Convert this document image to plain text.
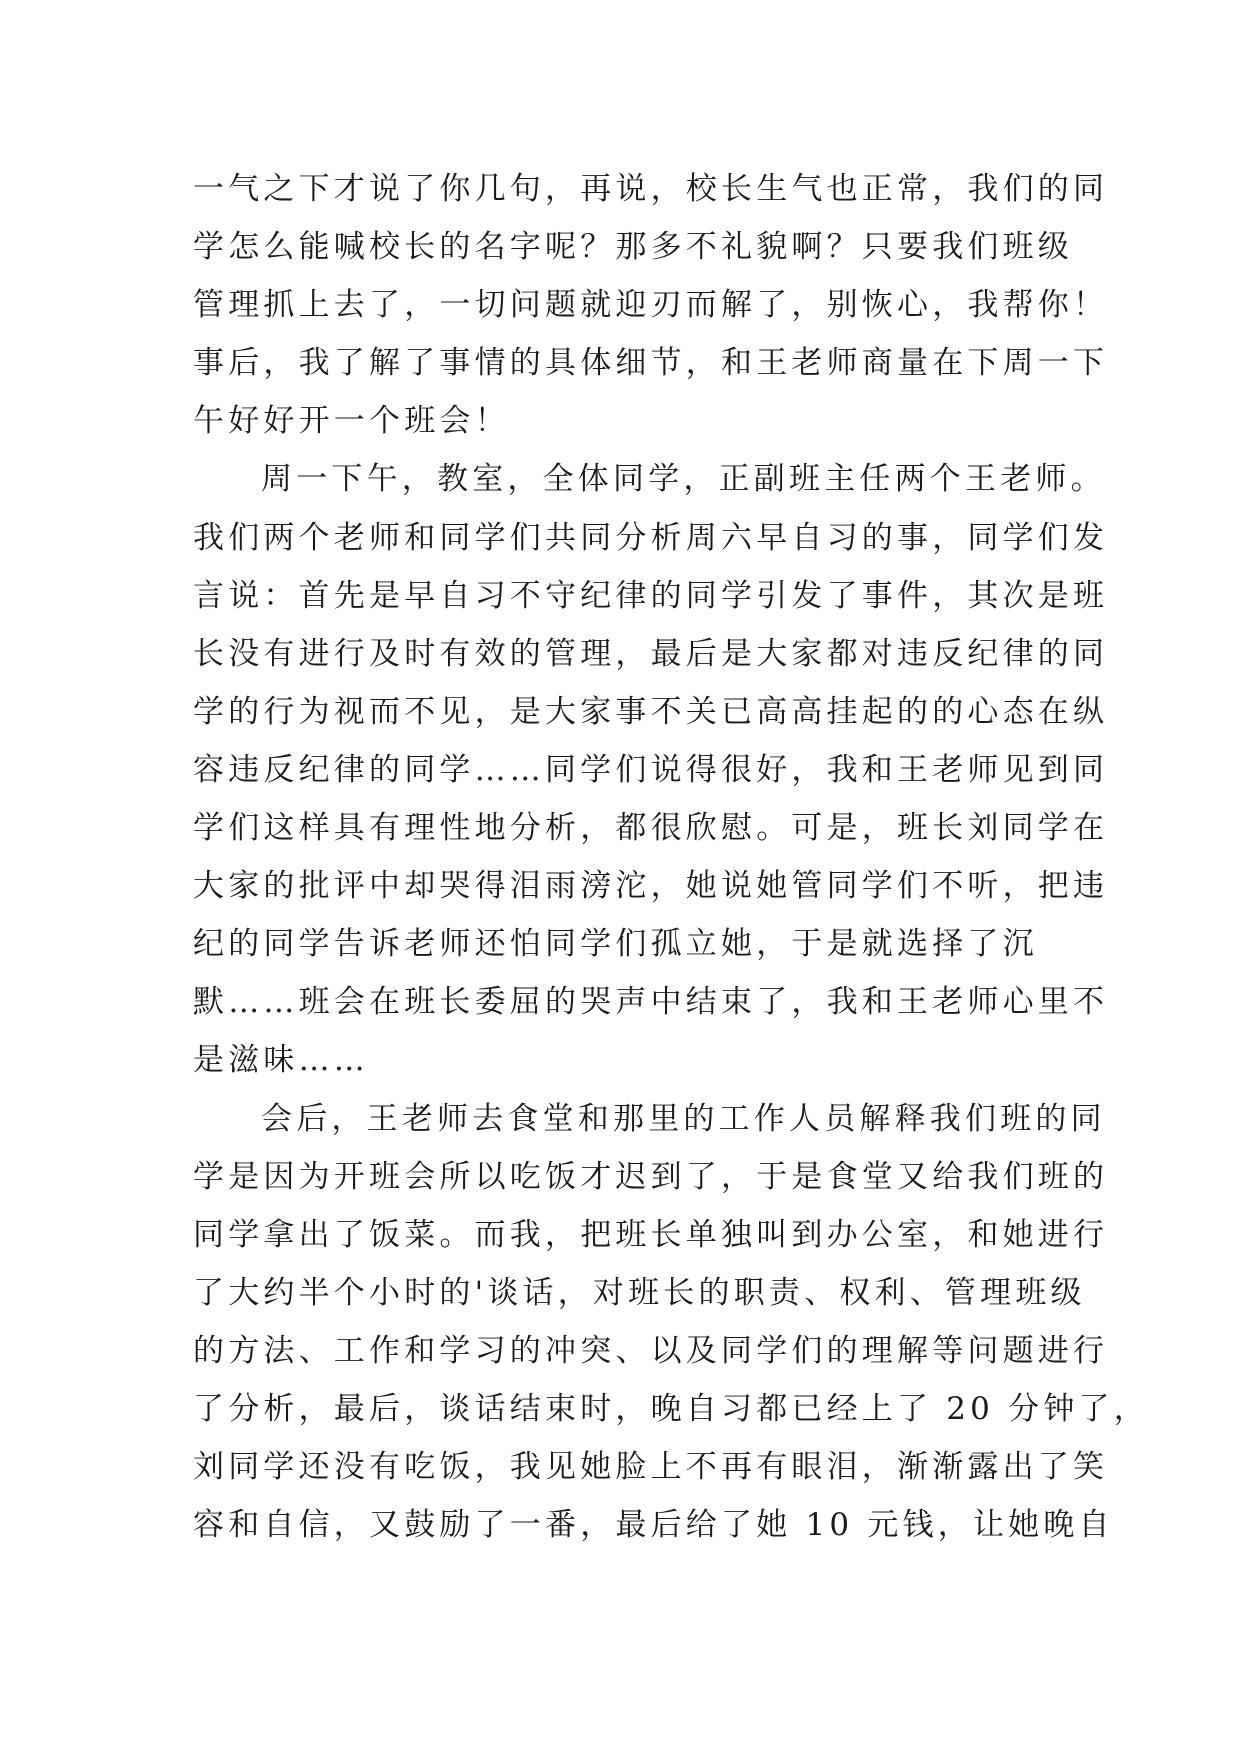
一气之下才说了你几句，再说，校长生气也正常，我们的同
学怎么能喊校长的名字呢？那多不礼貌啊？只要我们班级
管理抓上去了，一切问题就迎刃而解了，别恢心，我帮你！
事后，我了解了事情的具体细节，和王老师商量在下周一下
午好好开一个班会！
周一下午，教室，全体同学，正副班主任两个王老师。
我们两个老师和同学们共同分析周六早自习的事，同学们发
言说：首先是早自习不守纪律的同学引发了事件，其次是班
长没有进行及时有效的管理，最后是大家都对违反纪律的同
学的行为视而不见，是大家事不关已高高挂起的的心态在纵
容违反纪律的同学……同学们说得很好，我和王老师见到同
学们这样具有理性地分析，都很欣慰。可是，班长刘同学在
大家的批评中却哭得泪雨滂沱，她说她管同学们不听，把违
纪的同学告诉老师还怕同学们孤立她，于是就选择了沉
默……班会在班长委屈的哭声中结束了，我和王老师心里不
是滋味……
会后，王老师去食堂和那里的工作人员解释我们班的同
学是因为开班会所以吃饭才迟到了，于是食堂又给我们班的
同学拿出了饭菜。而我，把班长单独叫到办公室，和她进行
了大约半个小时的'谈话，对班长的职责、权利、管理班级
的方法、工作和学习的冲突、以及同学们的理解等问题进行
了分析，最后，谈话结束时，晚自习都已经上了 20 分钟了，
刘同学还没有吃饭，我见她脸上不再有眼泪，渐渐露出了笑
容和自信，又鼓励了一番，最后给了她 10 元钱，让她晚自
